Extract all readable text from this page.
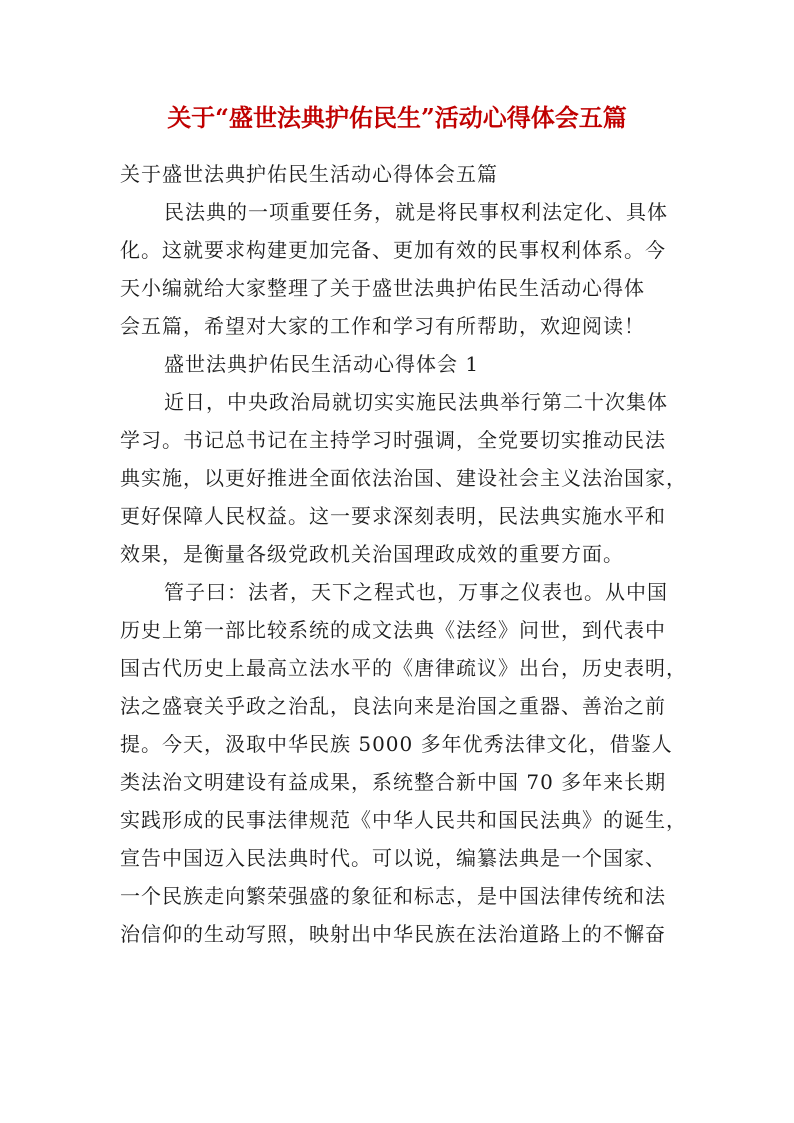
关于“盛世法典护佑民生”活动心得体会五篇
关于盛世法典护佑民生活动心得体会五篇
民法典的一项重要任务，就是将民事权利法定化、具体
化。这就要求构建更加完备、更加有效的民事权利体系。今
天小编就给大家整理了关于盛世法典护佑民生活动心得体
会五篇，希望对大家的工作和学习有所帮助，欢迎阅读！
盛世法典护佑民生活动心得体会 1
近日，中央政治局就切实实施民法典举行第二十次集体
学习。书记总书记在主持学习时强调，全党要切实推动民法
典实施，以更好推进全面依法治国、建设社会主义法治国家，
更好保障人民权益。这一要求深刻表明，民法典实施水平和
效果，是衡量各级党政机关治国理政成效的重要方面。
管子曰：法者，天下之程式也，万事之仪表也。从中国
历史上第一部比较系统的成文法典《法经》问世，到代表中
国古代历史上最高立法水平的《唐律疏议》出台，历史表明，
法之盛衰关乎政之治乱，良法向来是治国之重器、善治之前
提。今天，汲取中华民族 5000 多年优秀法律文化，借鉴人
类法治文明建设有益成果，系统整合新中国 70 多年来长期
实践形成的民事法律规范《中华人民共和国民法典》的诞生，
宣告中国迈入民法典时代。可以说，编纂法典是一个国家、
一个民族走向繁荣强盛的象征和标志，是中国法律传统和法
治信仰的生动写照，映射出中华民族在法治道路上的不懈奋
